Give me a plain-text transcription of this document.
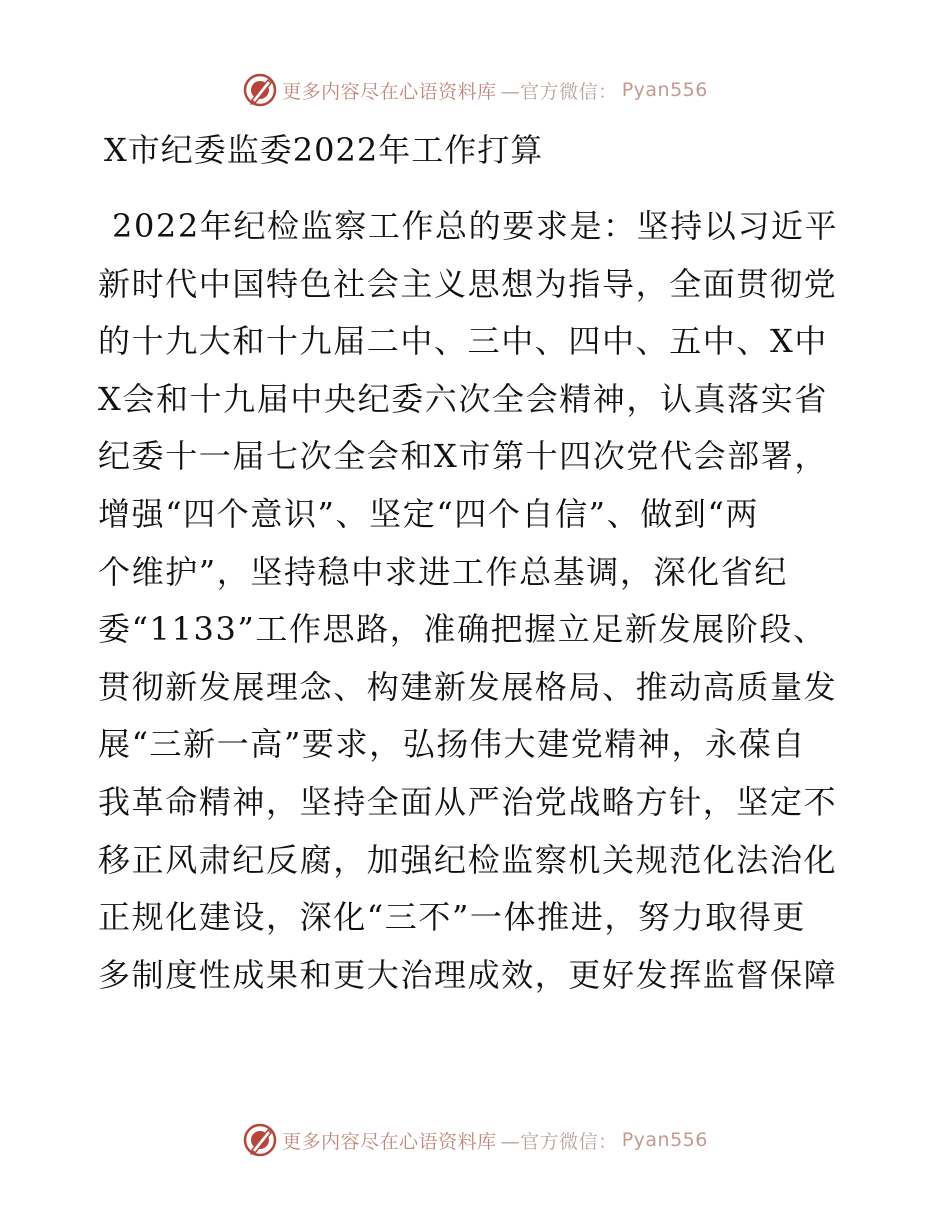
更多内容尽在心语资料库 —官方微信： Pyan556
X市纪委监委2022年工作打算
2022年纪检监察工作总的要求是：坚持以习近平
新时代中国特色社会主义思想为指导，全面贯彻党
的十九大和十九届二中、三中、四中、五中、X中
X会和十九届中央纪委六次全会精神，认真落实省
纪委十一届七次全会和X市第十四次党代会部署，
增强“四个意识”、坚定“四个自信”、做到“两
个维护”，坚持稳中求进工作总基调，深化省纪
委“1133”工作思路，准确把握立足新发展阶段、
贯彻新发展理念、构建新发展格局、推动高质量发
展“三新一高”要求，弘扬伟大建党精神，永葆自
我革命精神，坚持全面从严治党战略方针，坚定不
移正风肃纪反腐，加强纪检监察机关规范化法治化
正规化建设，深化“三不”一体推进，努力取得更
多制度性成果和更大治理成效，更好发挥监督保障
更多内容尽在心语资料库 —官方微信： Pyan556
